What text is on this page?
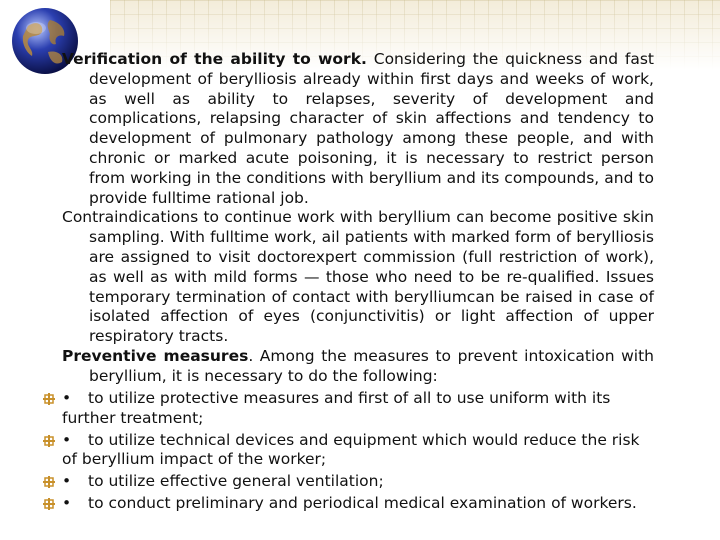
Verification of the ability to work. Considering the quickness and fast development of berylliosis already within first days and weeks of work, as well as ability to relapses, severity of development and complications, relapsing character of skin affections and tendency to development of pulmonary pathology among these people, and with chronic or marked acute poisoning, it is necessary to restrict person from working in the conditions with beryllium and its compounds, and to provide fulltime rational job.

Contraindications to continue work with beryllium can become positive skin sampling. With fulltime work, ail patients with marked form of berylliosis are assigned to visit doctorexpert commission (full restriction of work), as well as with mild forms — those who need to be re-qualified. Issues temporary termination of contact with berylliumcan be raised in case of isolated affection of eyes (conjunctivitis) or light affection of upper respiratory tracts.

Preventive measures. Among the measures to prevent intoxication with beryllium, it is necessary to do the following:

• to utilize protective measures and first of all to use uniform with its further treatment;
• to utilize technical devices and equipment which would reduce the risk of beryllium impact of the worker;
• to utilize effective general ventilation;
• to conduct preliminary and periodical medical examination of workers.
